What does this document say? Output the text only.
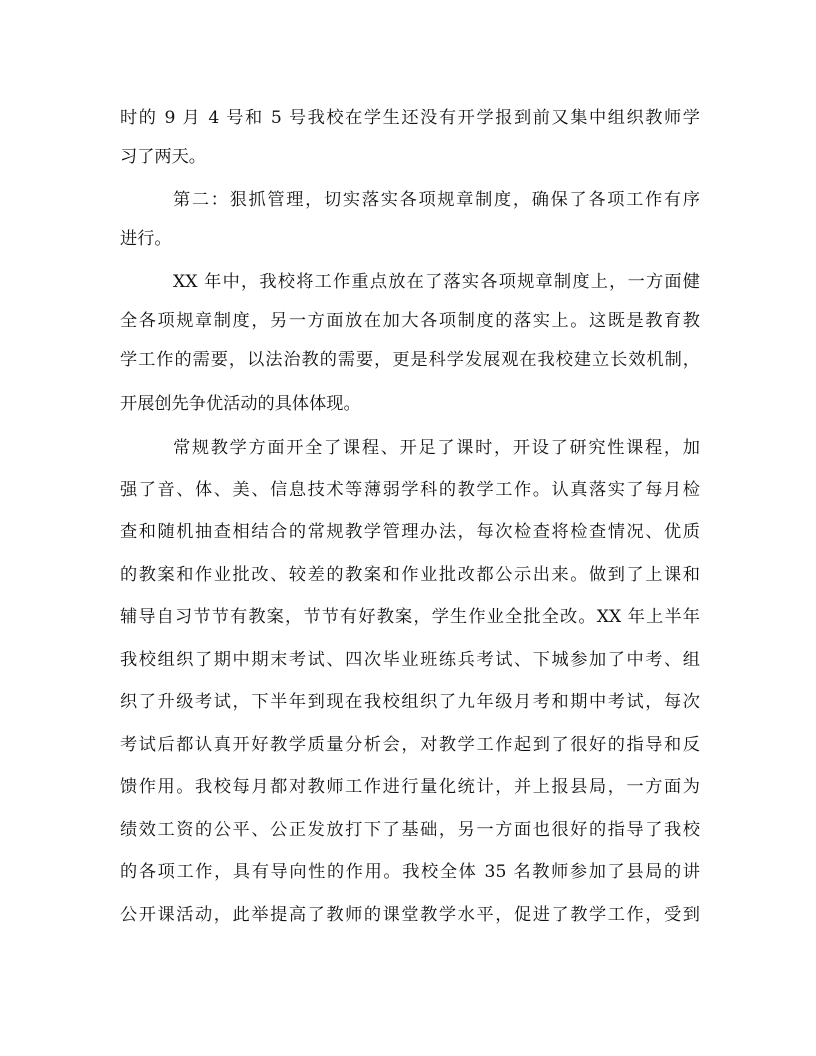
时的 9 月 4 号和 5 号我校在学生还没有开学报到前又集中组织教师学
习了两天。
第二：狠抓管理，切实落实各项规章制度，确保了各项工作有序
进行。
XX 年中，我校将工作重点放在了落实各项规章制度上，一方面健
全各项规章制度，另一方面放在加大各项制度的落实上。这既是教育教
学工作的需要，以法治教的需要，更是科学发展观在我校建立长效机制，
开展创先争优活动的具体体现。
常规教学方面开全了课程、开足了课时，开设了研究性课程，加
强了音、体、美、信息技术等薄弱学科的教学工作。认真落实了每月检
查和随机抽查相结合的常规教学管理办法，每次检查将检查情况、优质
的教案和作业批改、较差的教案和作业批改都公示出来。做到了上课和
辅导自习节节有教案，节节有好教案，学生作业全批全改。XX 年上半年
我校组织了期中期末考试、四次毕业班练兵考试、下城参加了中考、组
织了升级考试，下半年到现在我校组织了九年级月考和期中考试，每次
考试后都认真开好教学质量分析会，对教学工作起到了很好的指导和反
馈作用。我校每月都对教师工作进行量化统计，并上报县局，一方面为
绩效工资的公平、公正发放打下了基础，另一方面也很好的指导了我校
的各项工作，具有导向性的作用。我校全体 35 名教师参加了县局的讲
公开课活动，此举提高了教师的课堂教学水平，促进了教学工作，受到
